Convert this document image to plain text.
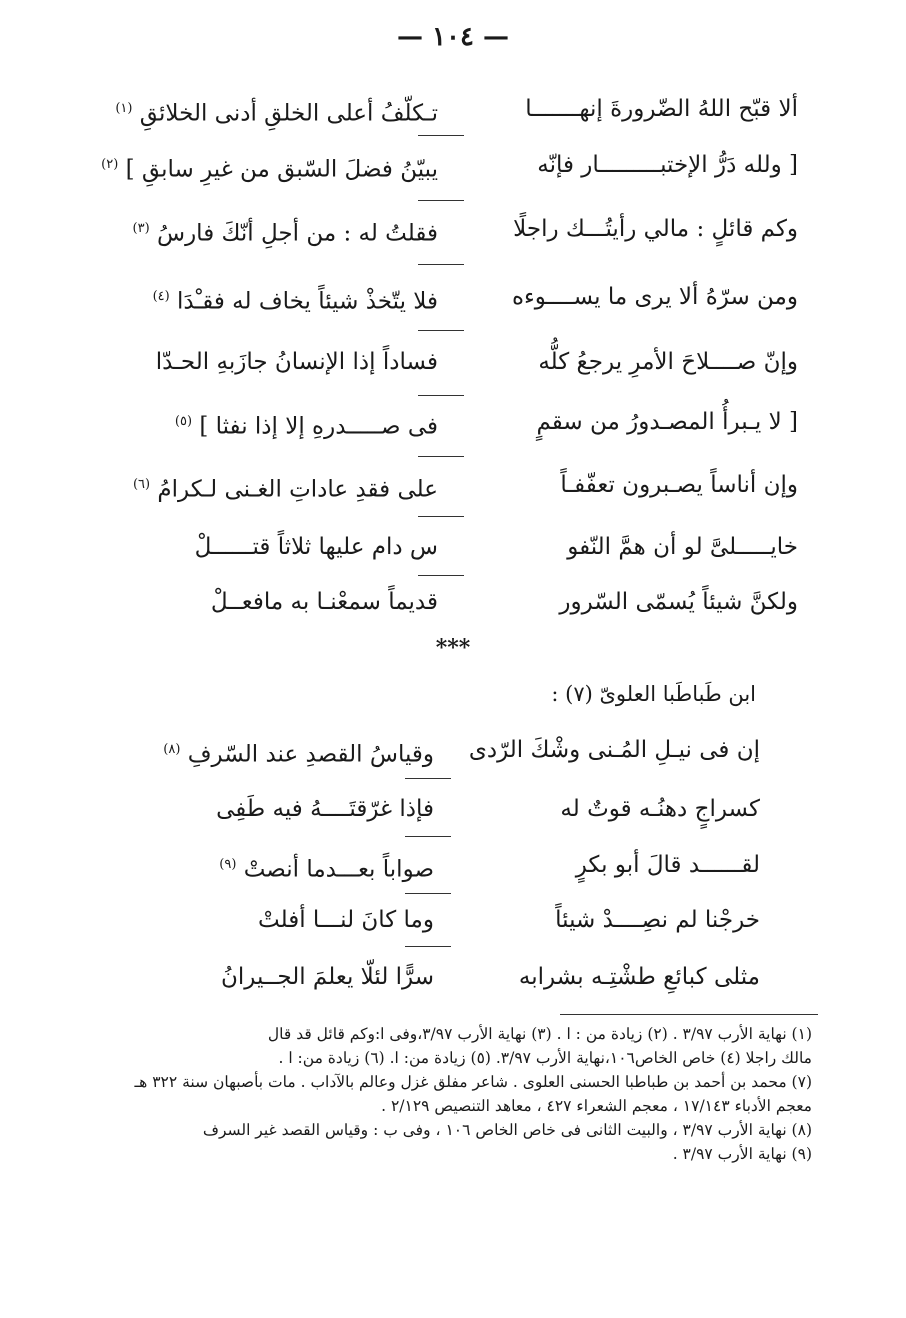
— ١٠٤ —
ألا قبّح اللهُ الضّرورةَ إنهـــــــا
تـكلّفُ أعلى الخلقِ أدنى الخلائقِ $^{(١)}$
[ ولله دَرُّ الإختبـــــــــار فإنّه
يبيّنُ فضلَ السّبق من غيرِ سابقِ ] $^{(٢)}$
وكم قائلٍ : مالي رأيتُـــك راجلًا
فقلتُ له : من أجلِ أنّكَ فارسُ $^{(٣)}$
ومن سرّهُ ألا يرى ما يســــوءه
فلا يتّخذْ شيئاً يخاف له فقـْدَا $^{(٤)}$
وإنّ صــــلاحَ الأمرِ يرجعُ كلُّه
فساداً إذا الإنسانُ جازَبهِ الحـدّا
[ لا يـبرأُ المصـدورُ من سقمٍ
فى صـــــدرهِ إلا إذا نفثا ] $^{(٥)}$
وإن أناساً يصـبرون تعفّفـاً
على فقدِ عاداتِ الغـنى لـكرامُ $^{(٦)}$
خايـــــلىَّ لو أن همَّ النّفو
س دام عليها ثلاثاً قتــــــلْ
ولكنَّ شيئاً يُسمّى السّرور
قديماً سمعْنـا به مافعــلْ
***
ابن طَباطَبا العلوىّ (٧) :
إن فى نيـلِ المُـنى وشْكَ الرّدى
وقياسُ القصدِ عند السّرفِ $^{(٨)}$
كسراجٍ دهنُـه قوتٌ له
فإذا غرّقتَــــهُ فيه طَفِى
لقــــــد قالَ أبو بكرٍ
صواباً بعـــدما أنصتْ $^{(٩)}$
خرجْنا لم نصِــــدْ شيئاً
وما كانَ لنـــا أفلتْ
مثلى كبائعِ طشْتِـه بشرابه
سرًّا لئلّا يعلمَ الجــيرانُ
(١) نهاية الأرب ٣/٩٧ . (٢) زيادة من : ا . (٣) نهاية الأرب ٣/٩٧،وفى ا:وكم قائل قد قال
مالك راجلا (٤) خاص الخاص١٠٦،نهاية الأرب ٣/٩٧. (٥) زيادة من: ا. (٦) زيادة من: ا .
(٧) محمد بن أحمد بن طباطبا الحسنى العلوى . شاعر مفلق غزل وعالم بالآداب . مات بأصبهان سنة ٣٢٢ هـ
معجم الأدباء ١٧/١٤٣ ، معجم الشعراء ٤٢٧ ، معاهد التنصيص ٢/١٢٩ .
(٨) نهاية الأرب ٣/٩٧ ، والبيت الثانى فى خاص الخاص ١٠٦ ، وفى ب : وقياس القصد غير السرف
(٩) نهاية الأرب ٣/٩٧ .
